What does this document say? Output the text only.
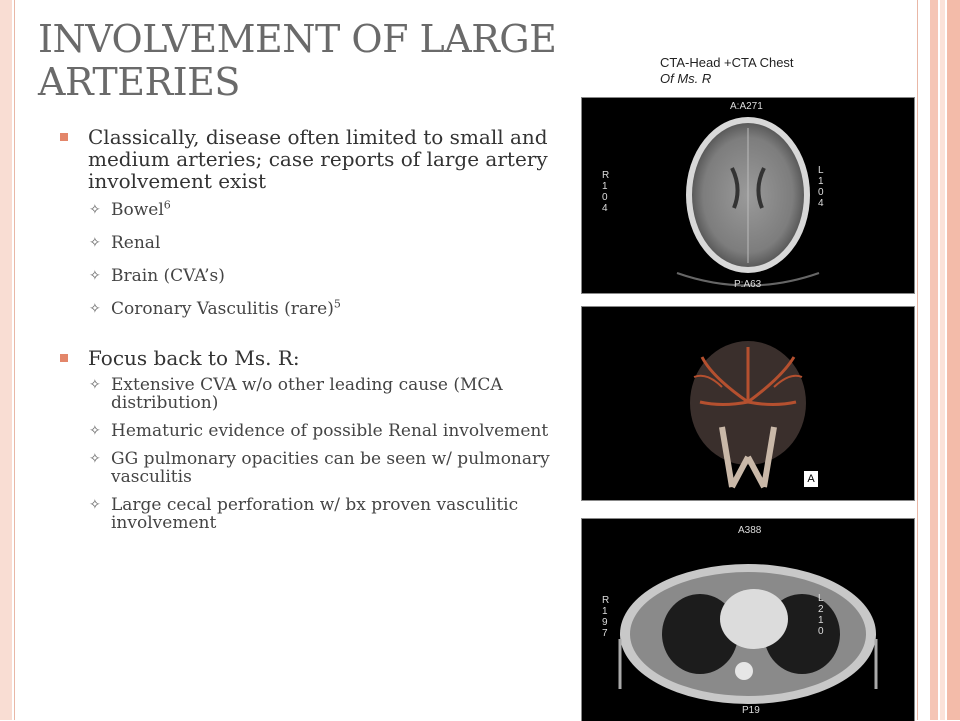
INVOLVEMENT OF LARGE
ARTERIES	CTA-Head +CTA Chest
Of Ms. R
Classically, disease often limited to small and medium arteries; case reports of large artery involvement exist
✧ Bowel$^6$
✧ Renal
✧ Brain (CVA’s)
✧ Coronary Vasculitis (rare)$^5$
Focus back to Ms. R:
✧ Extensive CVA w/o other leading cause (MCA distribution)
✧ Hematuric evidence of possible Renal involvement
✧ GG pulmonary opacities can be seen w/ pulmonary vasculitis
✧ Large cecal perforation w/ bx proven vasculitic involvement
A:A271
P:A63
R
1
0
4
L
1
0
4
A
A388
P19
R
1
9
7
L
2
1
0
